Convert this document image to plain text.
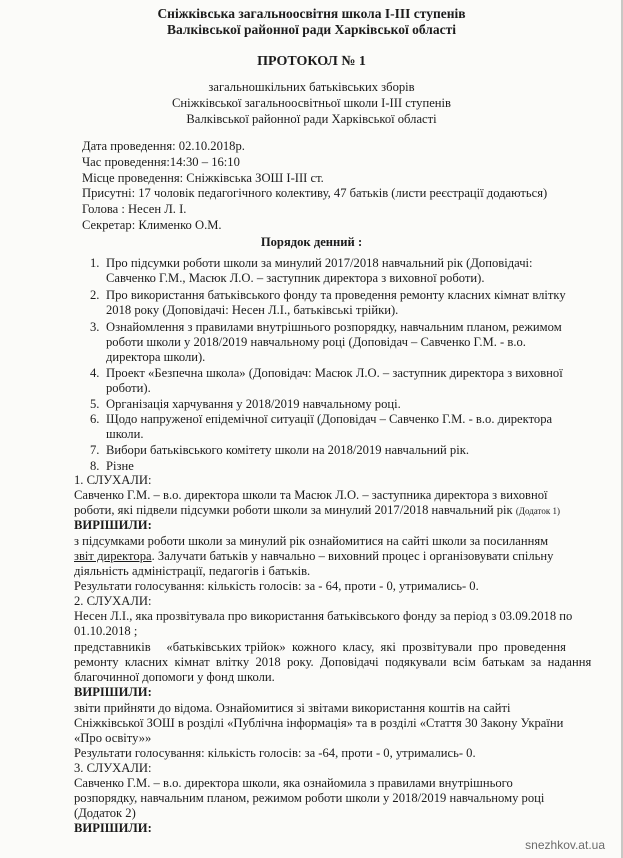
Сніжківська загальноосвітня школа І-ІІІ ступенів
Валківської районної ради Харківської області
ПРОТОКОЛ № 1
загальношкільних батьківських зборів
Сніжківської загальноосвітньої школи І-ІІІ ступенів
Валківської районної ради Харківської області
Дата проведення: 02.10.2018р.
Час проведення:14:30 – 16:10
Місце проведення: Сніжківська ЗОШ І-ІІІ ст.
Присутні: 17 чоловік педагогічного колективу, 47 батьків (листи реєстрації додаються)
Голова : Несен Л. І.
Секретар: Клименко О.М.
Порядок денний :
1. Про підсумки роботи школи за минулий 2017/2018 навчальний рік (Доповідачі:
Савченко Г.М., Масюк Л.О. – заступник директора з виховної роботи).
2. Про використання батьківського фонду та проведення ремонту класних кімнат влітку
2018 року (Доповідачі: Несен Л.І., батьківські трійки).
3. Ознайомлення з правилами внутрішнього розпорядку, навчальним планом, режимом
роботи школи у 2018/2019 навчальному році (Доповідач – Савченко Г.М. - в.о.
директора школи).
4. Проект «Безпечна школа» (Доповідач: Масюк Л.О. – заступник директора з виховної
роботи).
5. Організація харчування у 2018/2019 навчальному році.
6. Щодо напруженої епідемічної ситуації (Доповідач – Савченко Г.М. - в.о. директора
школи.
7. Вибори батьківського комітету школи на 2018/2019 навчальний рік.
8. Різне
1. СЛУХАЛИ:
Савченко Г.М. – в.о. директора школи та Масюк Л.О. – заступника директора з виховної
роботи, які підвели підсумки роботи школи за минулий 2017/2018 навчальний рік (Додаток 1)
ВИРІШИЛИ:
з підсумками роботи школи за минулий рік ознайомитися на сайті школи за посиланням
звіт директора. Залучати батьків у навчально – виховний процес і організовувати спільну
діяльність адміністрації, педагогів і батьків.
Результати голосування: кількість голосів: за - 64, проти - 0, утримались- 0.
2. СЛУХАЛИ:
Несен Л.І., яка прозвітувала про використання батьківського фонду за період з 03.09.2018 по
01.10.2018 ;
представників     «батьківських трійок»  кожного  класу,  які  прозвітували  про  проведення
ремонту  класних  кімнат  влітку  2018  року.  Доповідачі  подякували  всім  батькам  за  надання
благочинної допомоги у фонд школи.
ВИРІШИЛИ:
звіти прийняти до відома. Ознайомитися зі звітами використання коштів на сайті
Сніжківської ЗОШ в розділі «Публічна інформація» та в розділі «Стаття 30 Закону України
«Про освіту»»
Результати голосування: кількість голосів: за -64, проти - 0, утримались- 0.
3. СЛУХАЛИ:
Савченко Г.М. – в.о. директора школи, яка ознайомила з правилами внутрішнього
розпорядку, навчальним планом, режимом роботи школи у 2018/2019 навчальному році
(Додаток 2)
ВИРІШИЛИ:
snezhkov.at.ua
